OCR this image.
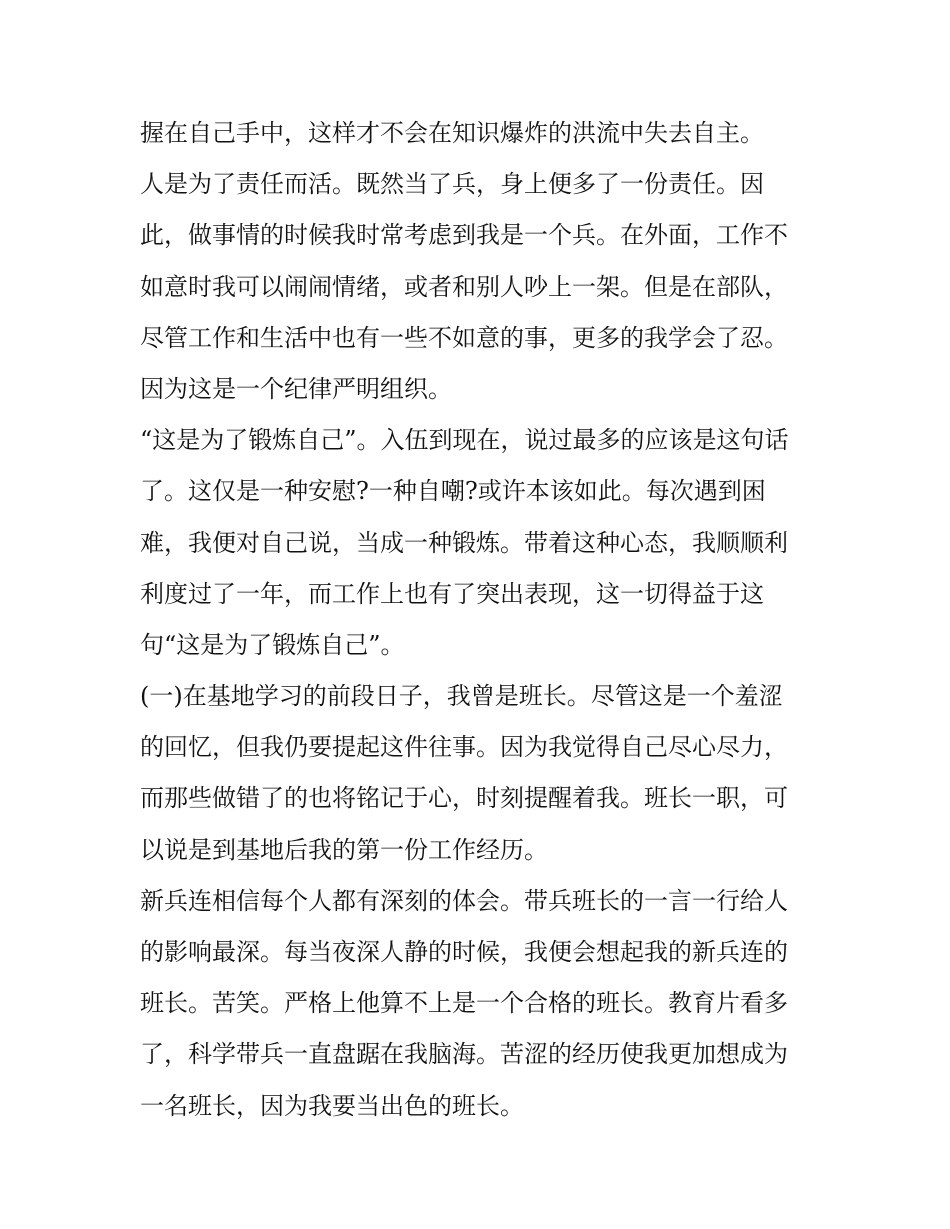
握在自己手中，这样才不会在知识爆炸的洪流中失去自主。
人是为了责任而活。既然当了兵，身上便多了一份责任。因
此，做事情的时候我时常考虑到我是一个兵。在外面，工作不
如意时我可以闹闹情绪，或者和别人吵上一架。但是在部队，
尽管工作和生活中也有一些不如意的事，更多的我学会了忍。
因为这是一个纪律严明组织。
“这是为了锻炼自己”。入伍到现在，说过最多的应该是这句话
了。这仅是一种安慰?一种自嘲?或许本该如此。每次遇到困
难，我便对自己说，当成一种锻炼。带着这种心态，我顺顺利
利度过了一年，而工作上也有了突出表现，这一切得益于这
句“这是为了锻炼自己”。
(一)在基地学习的前段日子，我曾是班长。尽管这是一个羞涩
的回忆，但我仍要提起这件往事。因为我觉得自己尽心尽力，
而那些做错了的也将铭记于心，时刻提醒着我。班长一职，可
以说是到基地后我的第一份工作经历。
新兵连相信每个人都有深刻的体会。带兵班长的一言一行给人
的影响最深。每当夜深人静的时候，我便会想起我的新兵连的
班长。苦笑。严格上他算不上是一个合格的班长。教育片看多
了，科学带兵一直盘踞在我脑海。苦涩的经历使我更加想成为
一名班长，因为我要当出色的班长。
